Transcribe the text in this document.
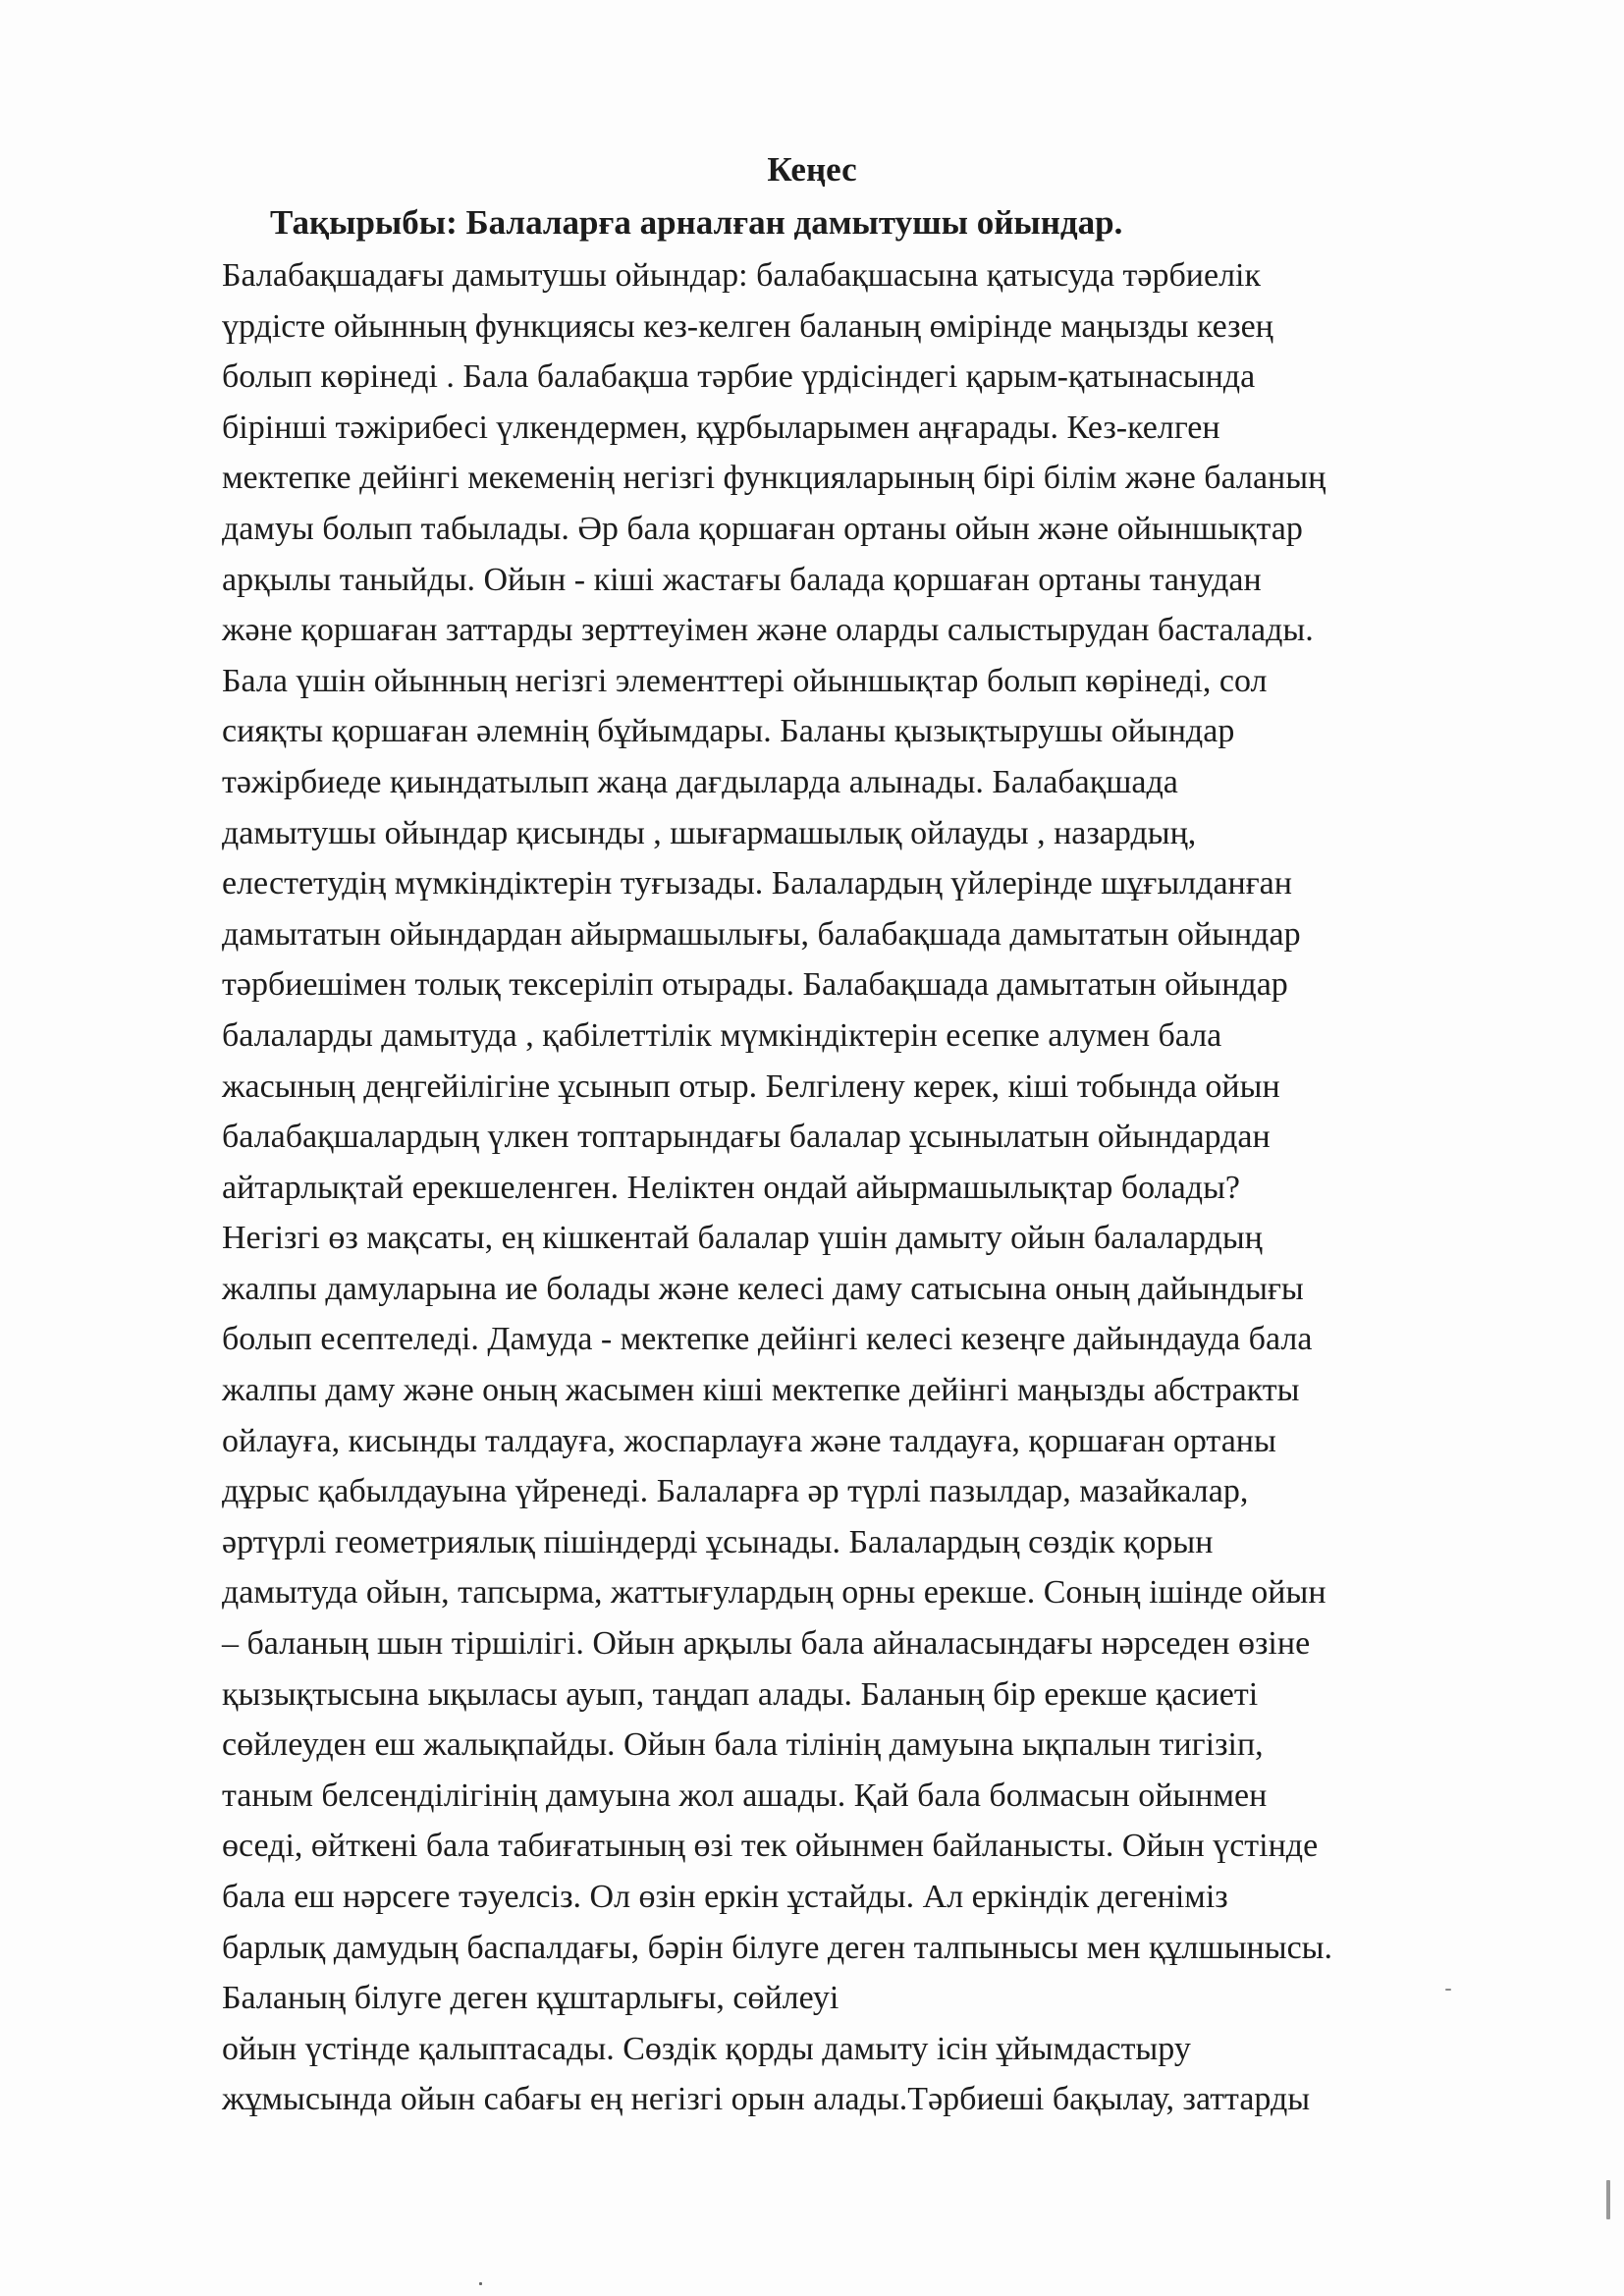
Кеңес
Тақырыбы: Балаларға арналған дамытушы ойындар.
Балабақшадағы дамытушы ойындар: балабақшасына қатысуда тәрбиелік
үрдісте ойынның функциясы кез-келген баланың өмірінде маңызды кезең
болып көрінеді . Бала балабақша тәрбие үрдісіндегі қарым-қатынасында
бірінші тәжірибесі үлкендермен, құрбыларымен аңғарады. Кез-келген
мектепке дейінгі мекеменің негізгі функцияларының бірі білім және баланың
дамуы болып табылады. Әр бала қоршаған ортаны ойын және ойыншықтар
арқылы таныйды. Ойын - кіші жастағы балада қоршаған ортаны танудан
және қоршаған заттарды зерттеуімен және оларды салыстырудан басталады.
Бала үшін ойынның негізгі элементтері ойыншықтар болып көрінеді, сол
сияқты қоршаған әлемнің бұйымдары. Баланы қызықтырушы ойындар
тәжірбиеде қиындатылып жаңа дағдыларда алынады. Балабақшада
дамытушы ойындар қисынды , шығармашылық ойлауды , назардың,
елестетудің мүмкіндіктерін туғызады. Балалардың үйлерінде шұғылданған
дамытатын ойындардан айырмашылығы, балабақшада дамытатын ойындар
тәрбиешімен толық тексеріліп отырады. Балабақшада дамытатын ойындар
балаларды дамытуда , қабілеттілік мүмкіндіктерін есепке алумен бала
жасының деңгейілігіне ұсынып отыр. Белгілену керек, кіші тобында ойын
балабақшалардың үлкен топтарындағы балалар ұсынылатын ойындардан
айтарлықтай ерекшеленген. Неліктен ондай айырмашылықтар болады?
Негізгі өз мақсаты, ең кішкентай балалар үшін дамыту ойын балалардың
жалпы дамуларына ие болады және келесі даму сатысына оның дайындығы
болып есептеледі. Дамуда - мектепке дейінгі келесі кезеңге дайындауда бала
жалпы даму және оның жасымен кіші мектепке дейінгі маңызды абстракты
ойлауға, кисынды талдауға, жоспарлауға және талдауға, қоршаған ортаны
дұрыс қабылдауына үйренеді. Балаларға әр түрлі пазылдар, мазайкалар,
әртүрлі геометриялық пішіндерді ұсынады. Балалардың сөздік қорын
дамытуда ойын, тапсырма, жаттығулардың орны ерекше. Соның ішінде ойын
– баланың шын тіршілігі. Ойын арқылы бала айналасындағы нәрседен өзіне
қызықтысына ықыласы ауып, таңдап алады. Баланың бір ерекше қасиеті
сөйлеуден еш жалықпайды. Ойын бала тілінің дамуына ықпалын тигізіп,
таным белсенділігінің дамуына жол ашады. Қай бала болмасын ойынмен
өседі, өйткені бала табиғатының өзі тек ойынмен байланысты. Ойын үстінде
бала еш нәрсеге тәуелсіз. Ол өзін еркін ұстайды. Ал еркіндік дегеніміз
барлық дамудың баспалдағы, бәрін білуге деген талпынысы мен құлшынысы.
Баланың білуге деген құштарлығы, сөйлеуі
ойын үстінде қалыптасады. Сөздік қорды дамыту ісін ұйымдастыру
жұмысында ойын сабағы ең негізгі орын алады.Тәрбиеші бақылау, заттарды
